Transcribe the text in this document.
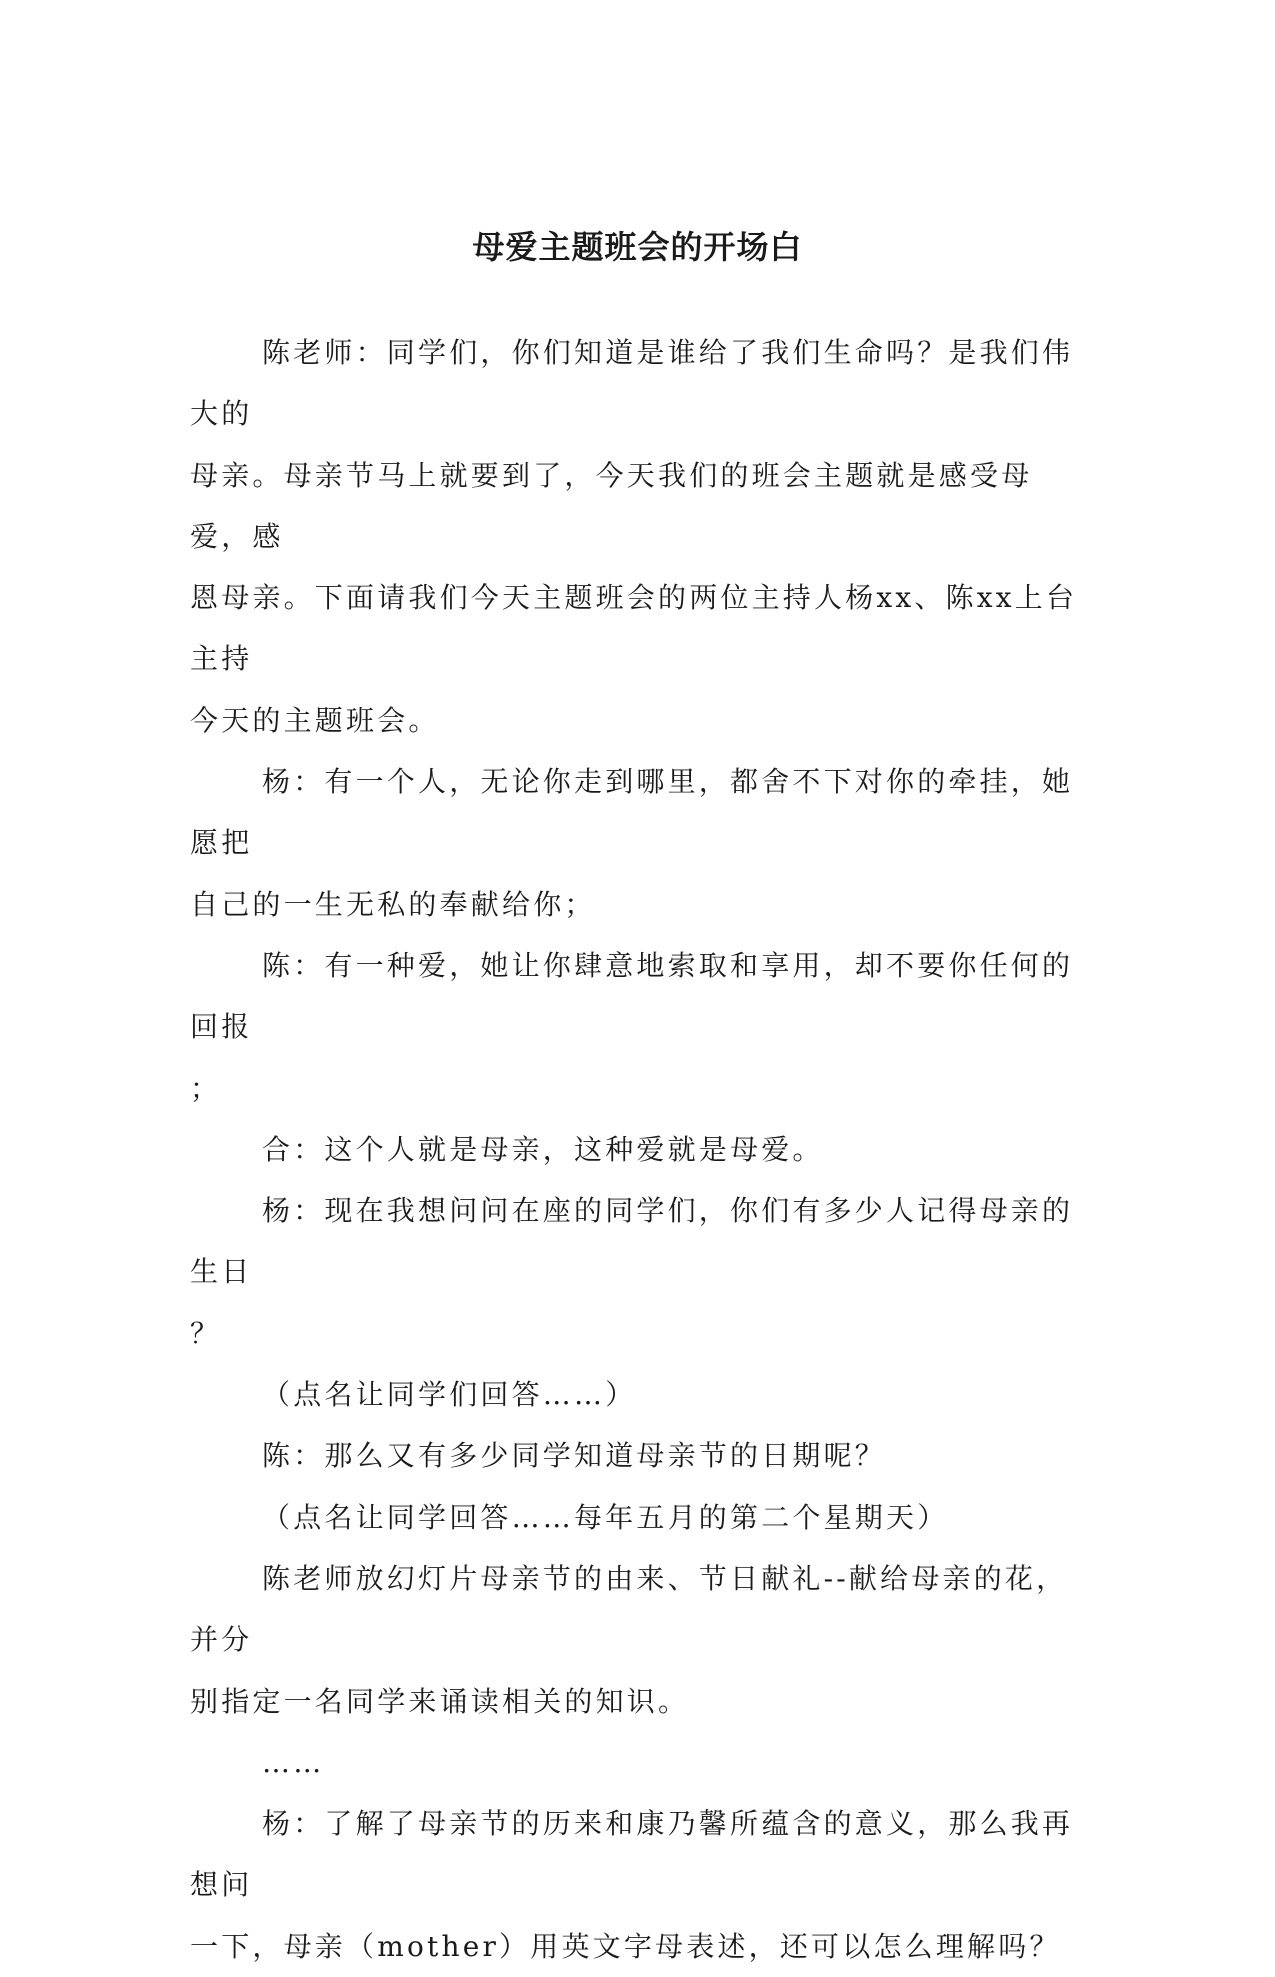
母爱主题班会的开场白

陈老师：同学们，你们知道是谁给了我们生命吗？是我们伟大的

母亲。母亲节马上就要到了，今天我们的班会主题就是感受母爱，感

恩母亲。下面请我们今天主题班会的两位主持人杨xx、陈xx上台主持

今天的主题班会。

杨：有一个人，无论你走到哪里，都舍不下对你的牵挂，她愿把

自己的一生无私的奉献给你；

陈：有一种爱，她让你肆意地索取和享用，却不要你任何的回报

；

合：这个人就是母亲，这种爱就是母爱。

杨：现在我想问问在座的同学们，你们有多少人记得母亲的生日

？

（点名让同学们回答……）

陈：那么又有多少同学知道母亲节的日期呢？

（点名让同学回答……每年五月的第二个星期天）

陈老师放幻灯片母亲节的由来、节日献礼--献给母亲的花，并分

别指定一名同学来诵读相关的知识。

……

杨：了解了母亲节的历来和康乃馨所蕴含的意义，那么我再想问

一下，母亲（mother）用英文字母表述，还可以怎么理解吗？
